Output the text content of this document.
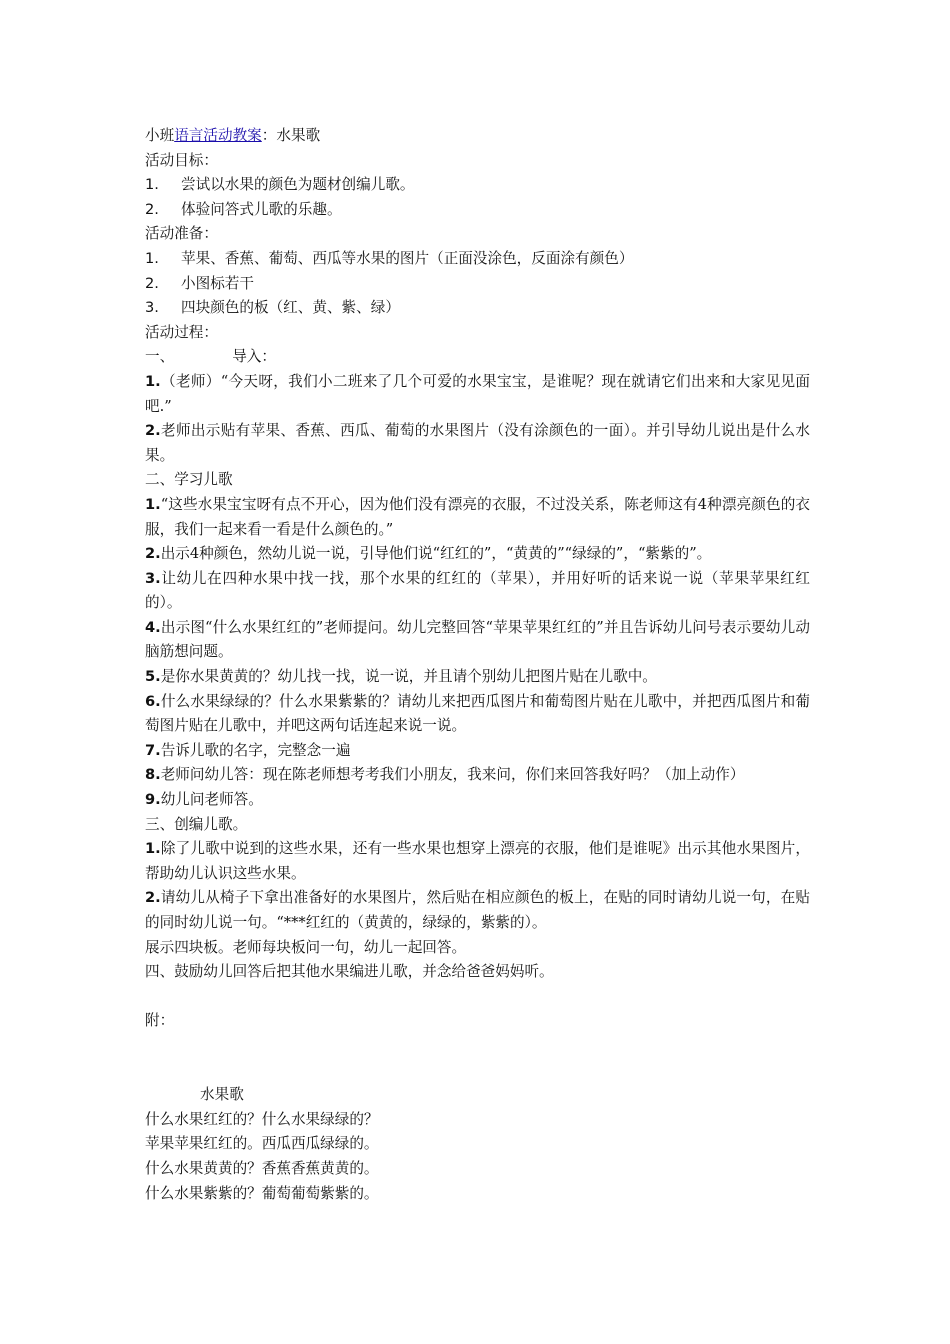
小班语言活动教案：水果歌
活动目标：
1.	尝试以水果的颜色为题材创编儿歌。
2.	体验问答式儿歌的乐趣。
活动准备：
1.	苹果、香蕉、葡萄、西瓜等水果的图片（正面没涂色，反面涂有颜色）
2.	小图标若干
3.	四块颜色的板（红、黄、紫、绿）
活动过程：
一、	导入：
1.（老师）“今天呀，我们小二班来了几个可爱的水果宝宝，是谁呢？现在就请它们出来和大家见见面吧.”
2.老师出示贴有苹果、香蕉、西瓜、葡萄的水果图片（没有涂颜色的一面）。并引导幼儿说出是什么水果。
二、学习儿歌
1.“这些水果宝宝呀有点不开心，因为他们没有漂亮的衣服，不过没关系，陈老师这有4种漂亮颜色的衣服，我们一起来看一看是什么颜色的。”
2.出示4种颜色，然幼儿说一说，引导他们说“红红的”，“黄黄的”“绿绿的”，“紫紫的”。
3.让幼儿在四种水果中找一找，那个水果的红红的（苹果），并用好听的话来说一说（苹果苹果红红的）。
4.出示图“什么水果红红的”老师提问。幼儿完整回答“苹果苹果红红的”并且告诉幼儿问号表示要幼儿动脑筋想问题。
5.是你水果黄黄的？幼儿找一找，说一说，并且请个别幼儿把图片贴在儿歌中。
6.什么水果绿绿的？什么水果紫紫的？请幼儿来把西瓜图片和葡萄图片贴在儿歌中，并把西瓜图片和葡萄图片贴在儿歌中，并吧这两句话连起来说一说。
7.告诉儿歌的名字，完整念一遍
8.老师问幼儿答：现在陈老师想考考我们小朋友，我来问，你们来回答我好吗？（加上动作）
9.幼儿问老师答。
三、创编儿歌。
1.除了儿歌中说到的这些水果，还有一些水果也想穿上漂亮的衣服，他们是谁呢》出示其他水果图片，帮助幼儿认识这些水果。
2.请幼儿从椅子下拿出准备好的水果图片，然后贴在相应颜色的板上，在贴的同时请幼儿说一句，在贴的同时幼儿说一句。“***红红的（黄黄的，绿绿的，紫紫的）。
展示四块板。老师每块板问一句，幼儿一起回答。
四、鼓励幼儿回答后把其他水果编进儿歌，并念给爸爸妈妈听。
附：
水果歌
什么水果红红的？什么水果绿绿的？
苹果苹果红红的。西瓜西瓜绿绿的。
什么水果黄黄的？香蕉香蕉黄黄的。
什么水果紫紫的？葡萄葡萄紫紫的。
